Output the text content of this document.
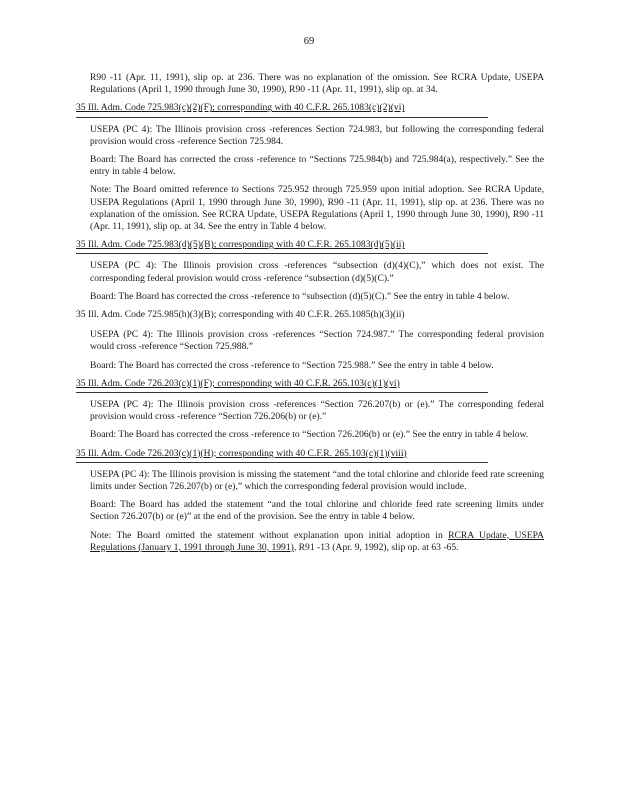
69

R90 -11 (Apr. 11, 1991), slip op. at 236. There was no explanation of the omission. See RCRA Update, USEPA Regulations (April 1, 1990 through June 30, 1990), R90 -11 (Apr. 11, 1991), slip op. at 34.

35 Ill. Adm. Code 725.983(c)(2)(F); corresponding with 40 C.F.R. 265.1083(c)(2)(vi)

USEPA (PC 4): The Illinois provision cross -references Section 724.983, but following the corresponding federal provision would cross -reference Section 725.984.

Board: The Board has corrected the cross -reference to “Sections 725.984(b) and 725.984(a), respectively.” See the entry in table 4 below.

Note: The Board omitted reference to Sections 725.952 through 725.959 upon initial adoption. See RCRA Update, USEPA Regulations (April 1, 1990 through June 30, 1990), R90 -11 (Apr. 11, 1991), slip op. at 236. There was no explanation of the omission. See RCRA Update, USEPA Regulations (April 1, 1990 through June 30, 1990), R90 -11 (Apr. 11, 1991), slip op. at 34. See the entry in Table 4 below.

35 Ill. Adm. Code 725.983(d)(5)(B); corresponding with 40 C.F.R. 265.1083(d)(5)(ii)

USEPA (PC 4): The Illinois provision cross -references “subsection (d)(4)(C),” which does not exist. The corresponding federal provision would cross -reference “subsection (d)(5)(C).”

Board: The Board has corrected the cross -reference to “subsection (d)(5)(C).” See the entry in table 4 below.

35 Ill. Adm. Code 725.985(h)(3)(B); corresponding with 40 C.F.R. 265.1085(h)(3)(ii)

USEPA (PC 4): The Illinois provision cross -references “Section 724.987.” The corresponding federal provision would cross -reference “Section 725.988.”

Board: The Board has corrected the cross -reference to “Section 725.988.” See the entry in table 4 below.

35 Ill. Adm. Code 726.203(c)(1)(F); corresponding with 40 C.F.R. 265.103(c)(1)(vi)

USEPA (PC 4): The Illinois provision cross -references “Section 726.207(b) or (e).” The corresponding federal provision would cross -reference “Section 726.206(b) or (e).”

Board: The Board has corrected the cross -reference to “Section 726.206(b) or (e).” See the entry in table 4 below.

35 Ill. Adm. Code 726.203(c)(1)(H); corresponding with 40 C.F.R. 265.103(c)(1)(viii)

USEPA (PC 4): The Illinois provision is missing the statement “and the total chlorine and chloride feed rate screening limits under Section 726.207(b) or (e),” which the corresponding federal provision would include.

Board: The Board has added the statement “and the total chlorine and chloride feed rate screening limits under Section 726.207(b) or (e)” at the end of the provision. See the entry in table 4 below.

Note: The Board omitted the statement without explanation upon initial adoption in RCRA Update, USEPA Regulations (January 1, 1991 through June 30, 1991), R91 -13 (Apr. 9, 1992), slip op. at 63 -65.
